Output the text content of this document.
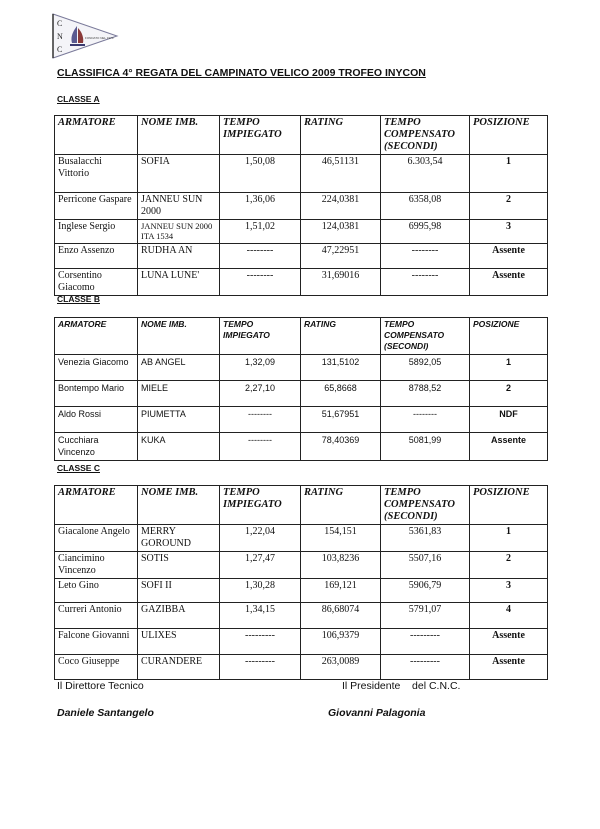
C
N
C
FONDATO NEL 1970
CLASSIFICA 4° REGATA DEL CAMPINATO VELICO 2009 TROFEO INYCON
CLASSE A
ARMATORE	NOME IMB.	TEMPO IMPIEGATO	RATING	TEMPO COMPENSATO (SECONDI)	POSIZIONE
Busalacchi Vittorio	SOFIA	1,50,08	46,51131	6.303,54	1
Perricone Gaspare	JANNEU SUN 2000	1,36,06	224,0381	6358,08	2
Inglese Sergio	JANNEU SUN 2000 ITA 1534	1,51,02	124,0381	6995,98	3
Enzo Assenzo	RUDHA AN	--------	47,22951	--------	Assente
Corsentino Giacomo	LUNA LUNE'	--------	31,69016	--------	Assente
CLASSE B
ARMATORE	NOME IMB.	TEMPO IMPIEGATO	RATING	TEMPO COMPENSATO (SECONDI)	POSIZIONE
Venezia Giacomo	AB ANGEL	1,32,09	131,5102	5892,05	1
Bontempo Mario	MIELE	2,27,10	65,8668	8788,52	2
Aldo Rossi	PIUMETTA	--------	51,67951	--------	NDF
Cucchiara Vincenzo	KUKA	--------	78,40369	5081,99	Assente
CLASSE C
ARMATORE	NOME IMB.	TEMPO IMPIEGATO	RATING	TEMPO COMPENSATO (SECONDI)	POSIZIONE
Giacalone Angelo	MERRY GOROUND	1,22,04	154,151	5361,83	1
Ciancimino Vincenzo	SOTIS	1,27,47	103,8236	5507,16	2
Leto Gino	SOFI II	1,30,28	169,121	5906,79	3
Curreri Antonio	GAZIBBA	1,34,15	86,68074	5791,07	4
Falcone Giovanni	ULIXES	---------	106,9379	---------	Assente
Coco Giuseppe	CURANDERE	---------	263,0089	---------	Assente
Il Direttore Tecnico	Il Presidente    del C.N.C.
Daniele Santangelo	Giovanni Palagonia
